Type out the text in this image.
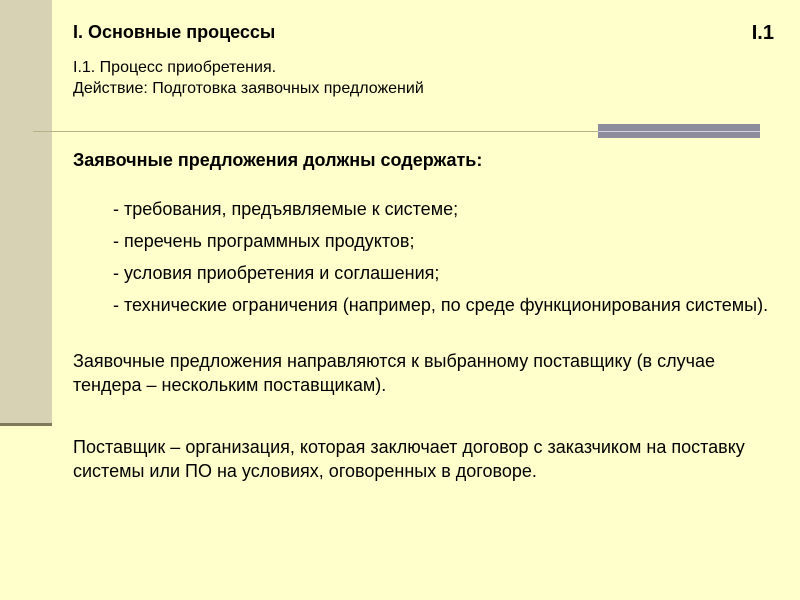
I. Основные процессы	I.1
I.1. Процесс приобретения.
Действие: Подготовка заявочных предложений

Заявочные предложения должны содержать:

- требования, предъявляемые к системе;

- перечень программных продуктов;

- условия приобретения и соглашения;

- технические ограничения (например, по среде функционирования системы).

Заявочные предложения направляются к выбранному поставщику (в случае тендера – нескольким поставщикам).

Поставщик – организация, которая заключает договор с заказчиком на поставку системы или ПО на условиях, оговоренных в договоре.
